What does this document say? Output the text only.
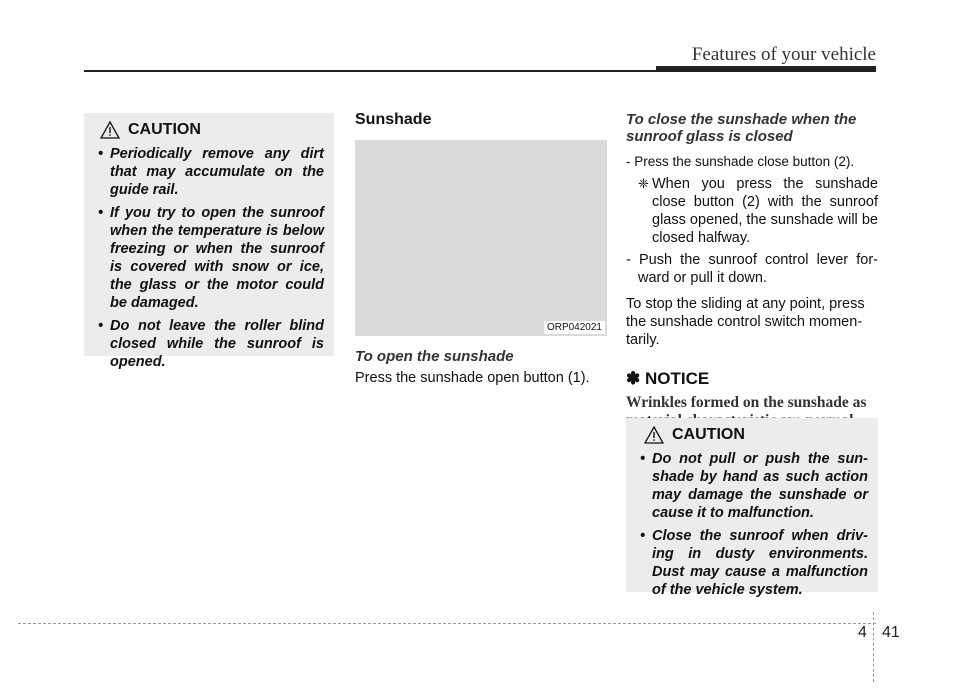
Features of your vehicle
CAUTION
• Periodically remove any dirt that may accumulate on the guide rail.
• If you try to open the sunroof when the temperature is below freezing or when the sunroof is covered with snow or ice, the glass or the motor could be damaged.
• Do not leave the roller blind closed while the sunroof is opened.

Sunshade

ORP042021

To open the sunshade

Press the sunshade open button (1).

To close the sunshade when the sunroof glass is closed

- Press the sunshade close button (2).

❈ When you press the sunshade close button (2) with the sunroof glass opened, the sunshade will be closed halfway.

- Push the sunroof control lever for- ward or pull it down.

To stop the sliding at any point, press the sunshade control switch momen- tarily.

✽ NOTICE

Wrinkles formed on the sunshade as

CAUTION
• Do not pull or push the sun- shade by hand as such action may damage the sunshade or cause it to malfunction.
• Close the sunroof when driv- ing in dusty environments. Dust may cause a malfunction of the vehicle system.
4 41
